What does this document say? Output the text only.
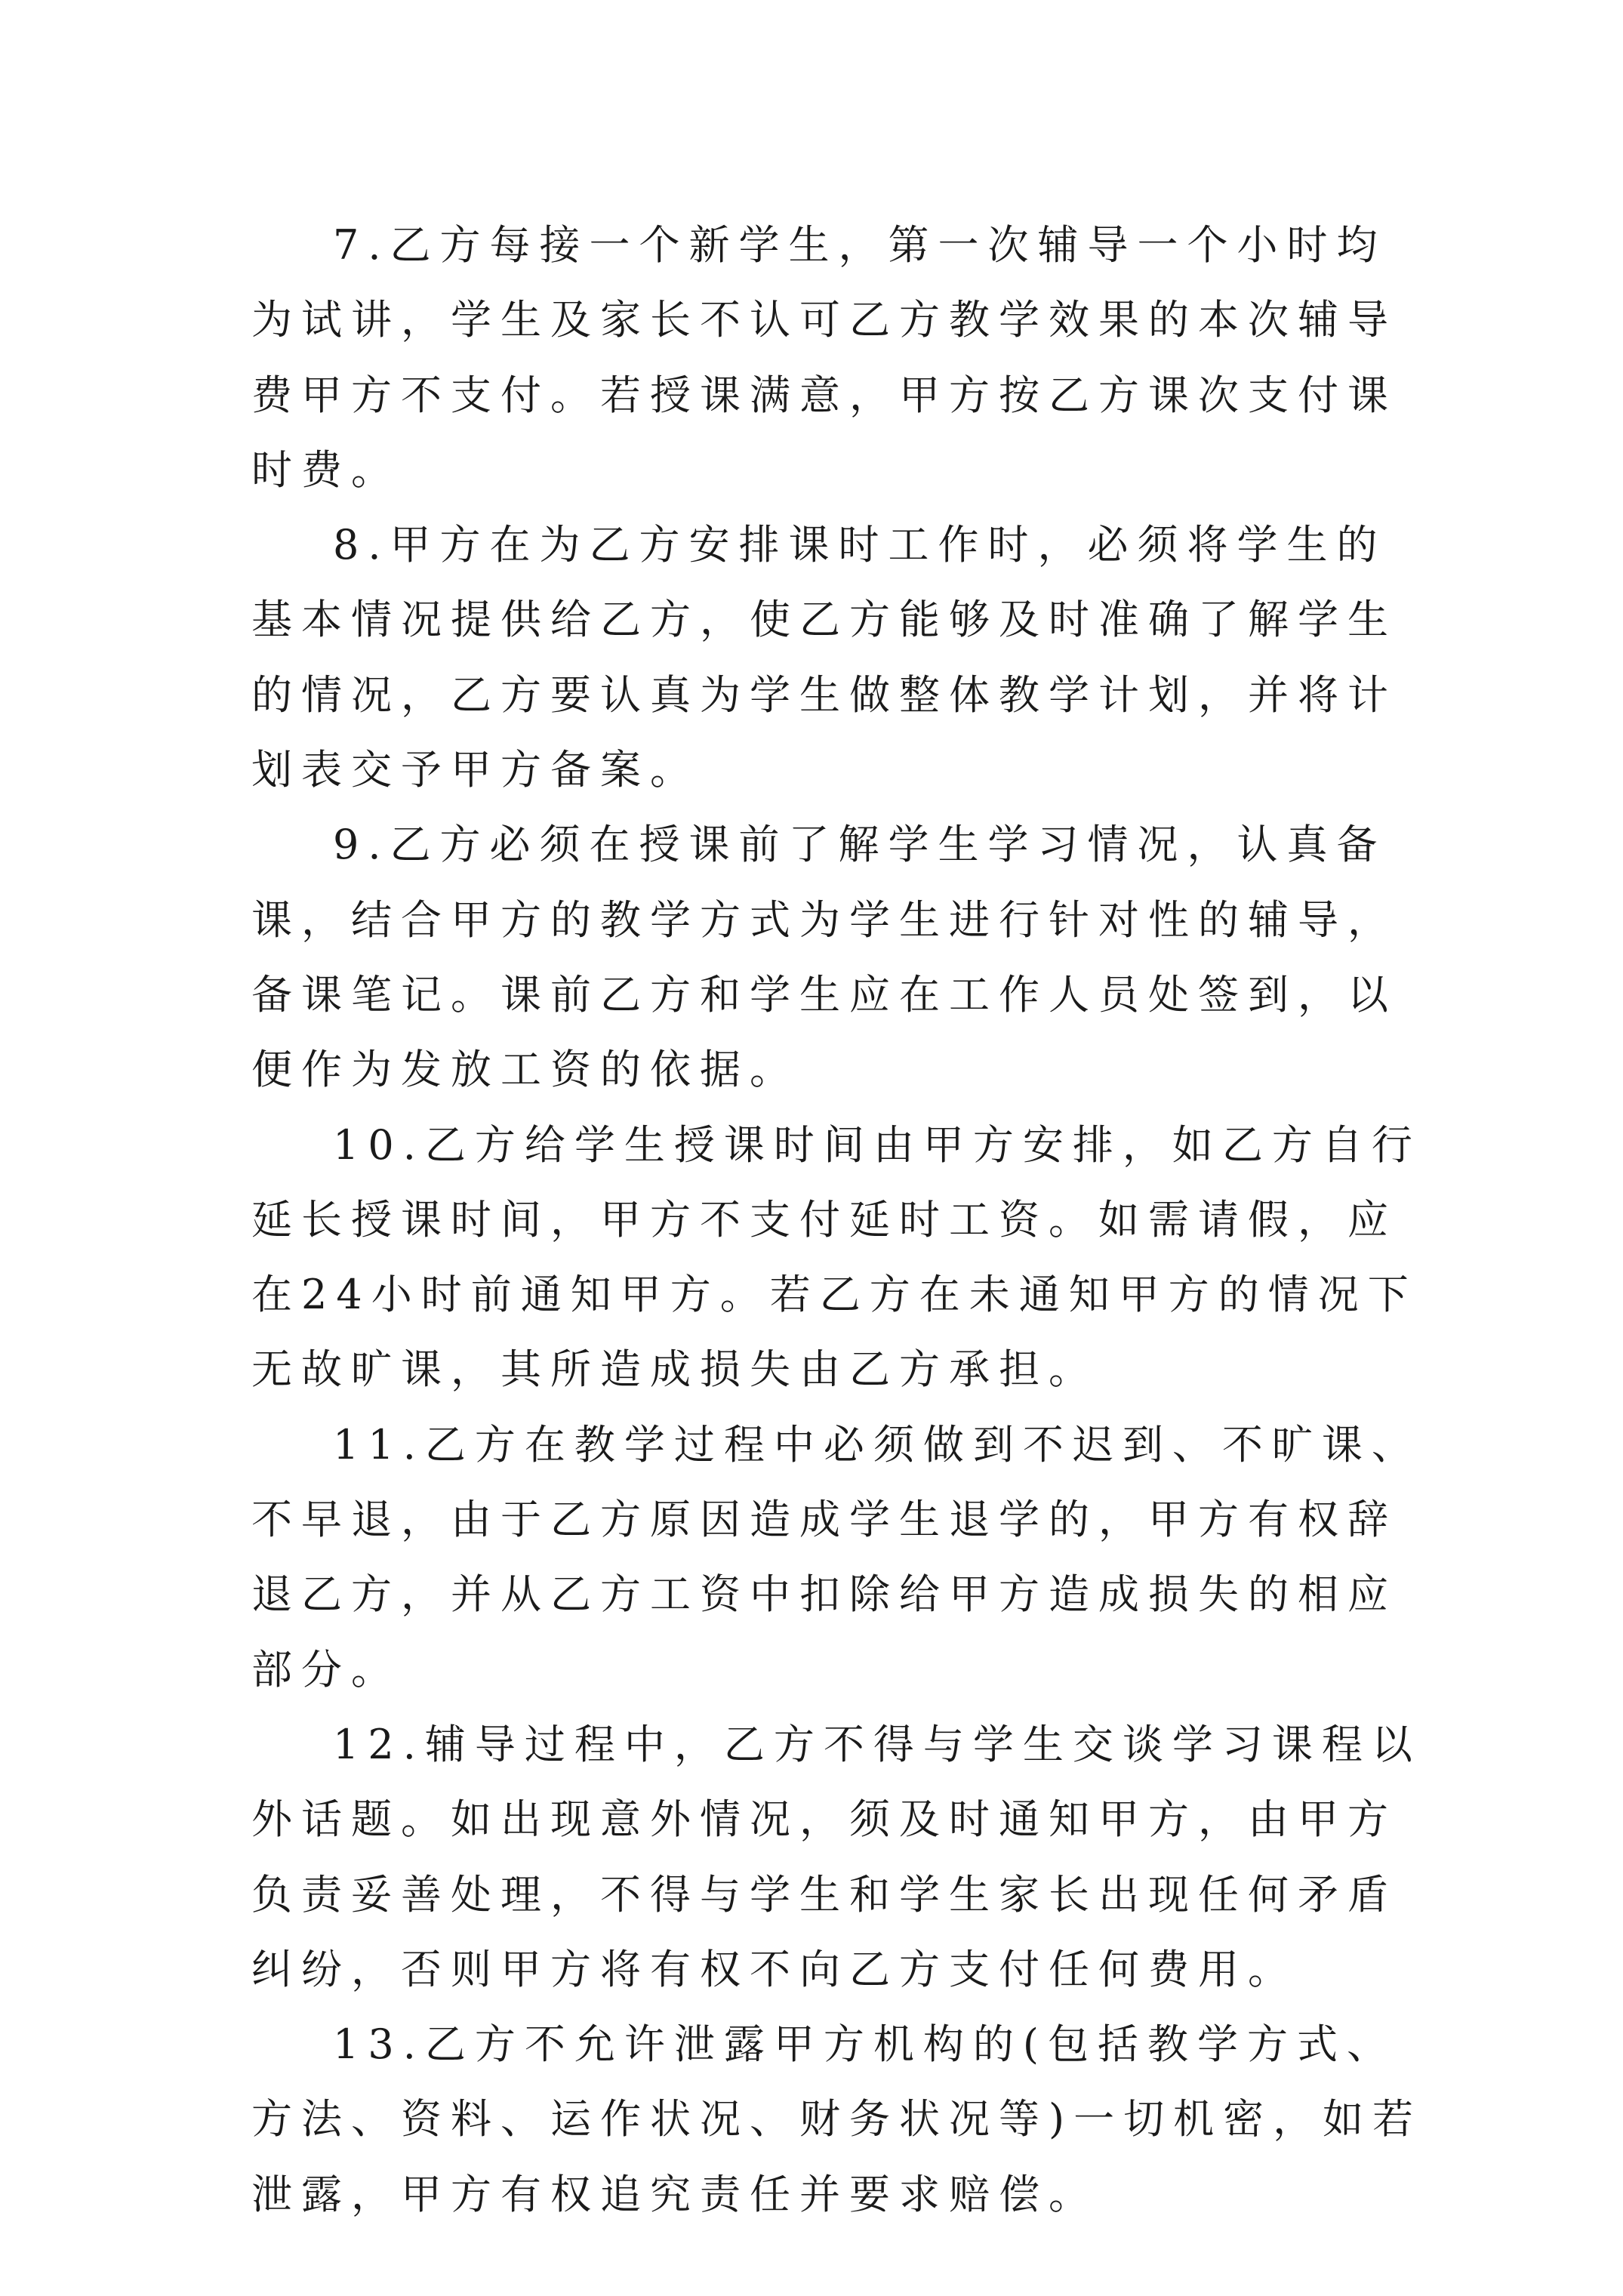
7.乙方每接一个新学生，第一次辅导一个小时均为试讲，学生及家长不认可乙方教学效果的本次辅导费甲方不支付。若授课满意，甲方按乙方课次支付课时费。

8.甲方在为乙方安排课时工作时，必须将学生的基本情况提供给乙方，使乙方能够及时准确了解学生的情况，乙方要认真为学生做整体教学计划，并将计划表交予甲方备案。

9.乙方必须在授课前了解学生学习情况，认真备课，结合甲方的教学方式为学生进行针对性的辅导，备课笔记。课前乙方和学生应在工作人员处签到，以便作为发放工资的依据。

10.乙方给学生授课时间由甲方安排，如乙方自行延长授课时间，甲方不支付延时工资。如需请假，应在24小时前通知甲方。若乙方在未通知甲方的情况下无故旷课，其所造成损失由乙方承担。

11.乙方在教学过程中必须做到不迟到、不旷课、不早退，由于乙方原因造成学生退学的，甲方有权辞退乙方，并从乙方工资中扣除给甲方造成损失的相应部分。

12.辅导过程中，乙方不得与学生交谈学习课程以外话题。如出现意外情况，须及时通知甲方，由甲方负责妥善处理，不得与学生和学生家长出现任何矛盾纠纷，否则甲方将有权不向乙方支付任何费用。

13.乙方不允许泄露甲方机构的(包括教学方式、方法、资料、运作状况、财务状况等)一切机密，如若泄露，甲方有权追究责任并要求赔偿。
